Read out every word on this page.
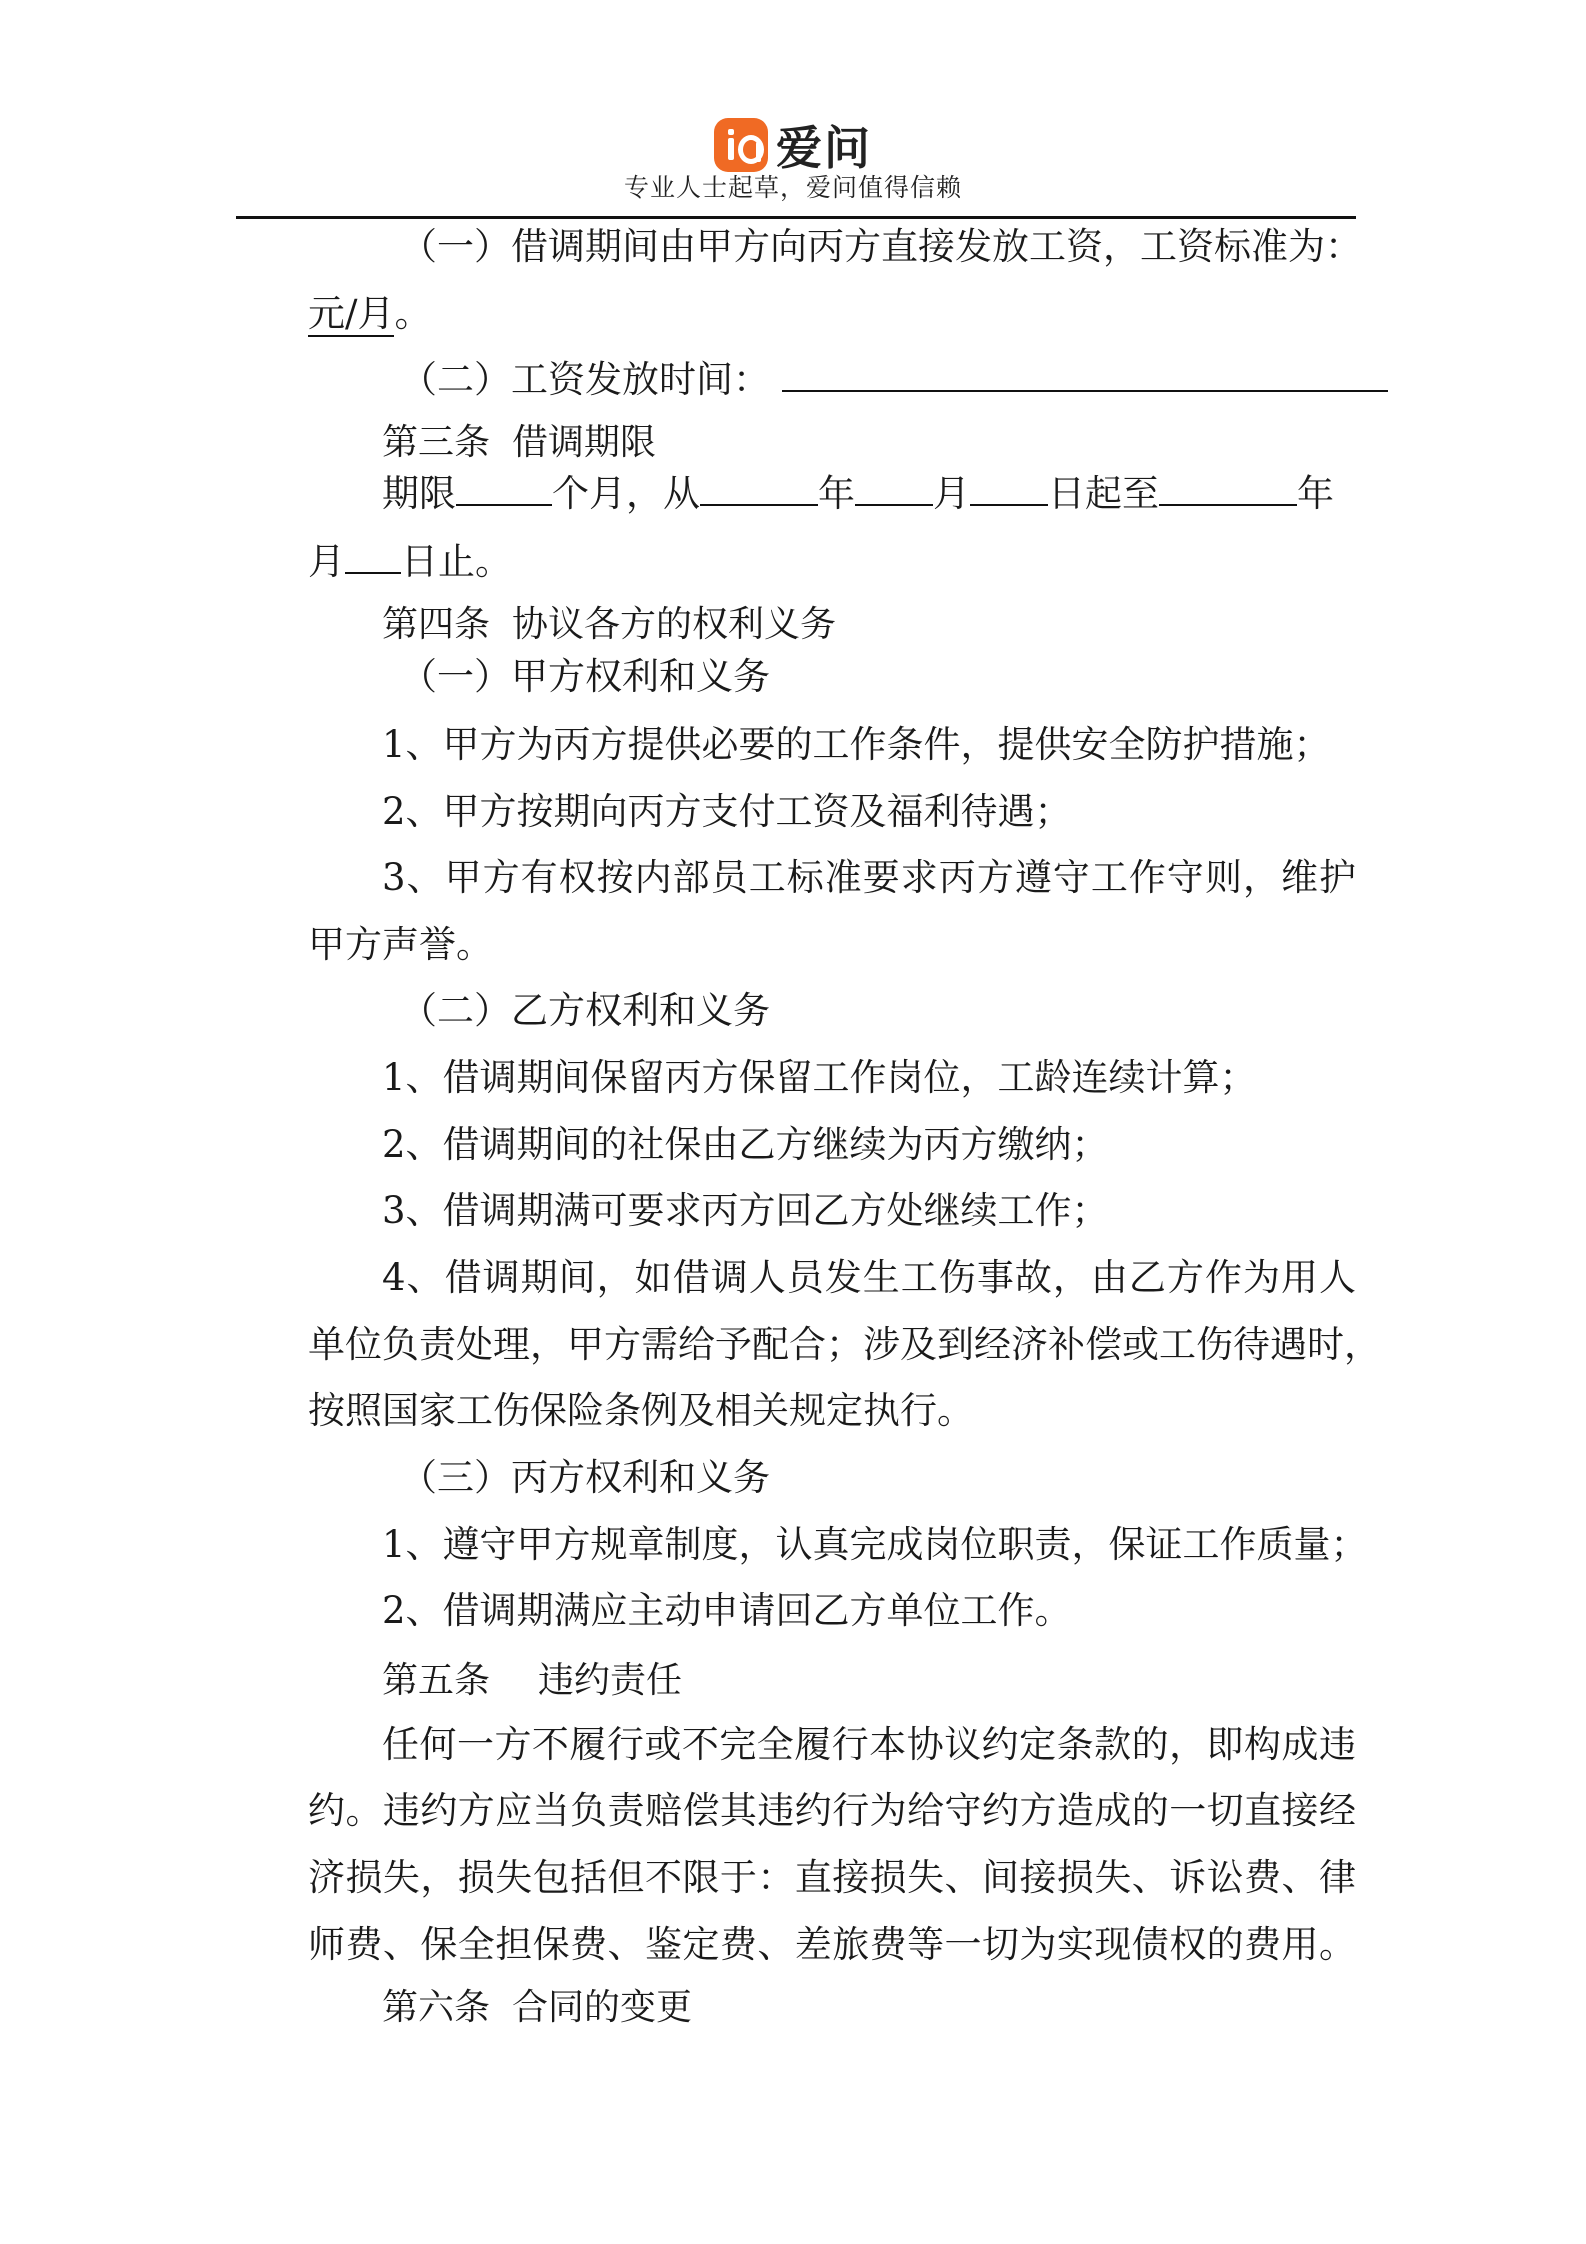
爱问
专业人士起草，爱问值得信赖
（一）借调期间由甲方向丙方直接发放工资，工资标准为：
元/月。
（二）工资发放时间：
第三条 借调期限
期限	个月，从	年 月 日起至	年
月 日止。
第四条 协议各方的权利义务
（一）甲方权利和义务
1、甲方为丙方提供必要的工作条件，提供安全防护措施；
2、甲方按期向丙方支付工资及福利待遇；
3、甲方有权按内部员工标准要求丙方遵守工作守则，维护
甲方声誉。
（二）乙方权利和义务
1、借调期间保留丙方保留工作岗位，工龄连续计算；
2、借调期间的社保由乙方继续为丙方缴纳；
3、借调期满可要求丙方回乙方处继续工作；
4、借调期间，如借调人员发生工伤事故，由乙方作为用人
单位负责处理，甲方需给予配合；涉及到经济补偿或工伤待遇时，
按照国家工伤保险条例及相关规定执行。
（三）丙方权利和义务
1、遵守甲方规章制度，认真完成岗位职责，保证工作质量；
2、借调期满应主动申请回乙方单位工作。
第五条 违约责任
任何一方不履行或不完全履行本协议约定条款的，即构成违
约。违约方应当负责赔偿其违约行为给守约方造成的一切直接经
济损失，损失包括但不限于：直接损失、间接损失、诉讼费、律
师费、保全担保费、鉴定费、差旅费等一切为实现债权的费用。
第六条 合同的变更
